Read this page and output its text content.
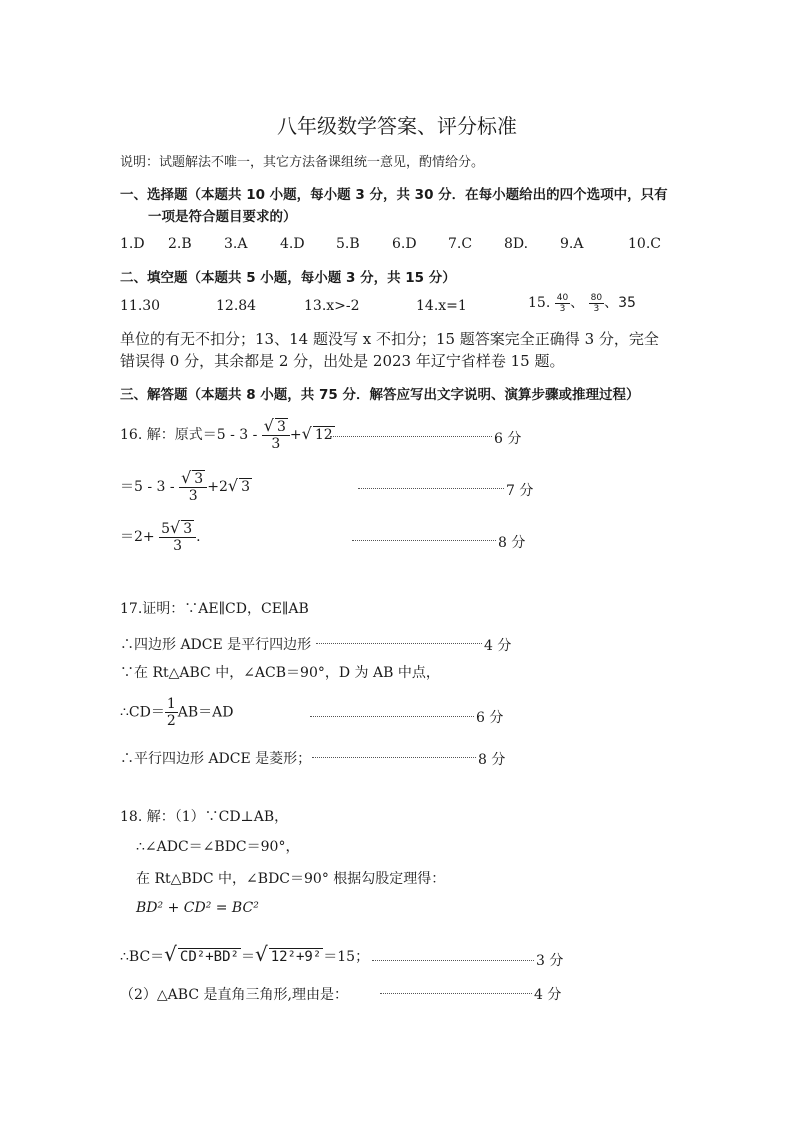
八年级数学答案、评分标准
说明：试题解法不唯一，其它方法备课组统一意见，酌情给分。
一、选择题（本题共 10 小题，每小题 3 分，共 30 分．在每小题给出的四个选项中，只有
一项是符合题目要求的）
1.D 2.B 3.A 4.D 5.B 6.D 7.C 8D. 9.A	10.C
二、填空题（本题共 5 小题，每小题 3 分，共 15 分）
11.30	12.84	13.x>-2	14.x=1	15. $\frac{40}{3}$ 、 $\frac{80}{3}$ 、35
单位的有无不扣分；13、14 题没写 x 不扣分；15 题答案完全正确得 3 分，完全
错误得 0 分，其余都是 2 分，出处是 2023 年辽宁省样卷 15 题。
三、解答题（本题共 8 小题，共 75 分．解答应写出文字说明、演算步骤或推理过程）
16. 解：原式$=5 - 3 - \frac{√ 3}{3}$ +√ 12	6 分
$=5 - 3 - \frac{√ 3}{3} +2√$ 3	7 分
$=2+ \frac{5√ 3}{3}$ .	8 分
17.证明：∵AE∥CD，CE∥AB
∴四边形 ADCE 是平行四边形	4 分
∵在 Rt△ABC 中，∠ACB＝90°，D 为 AB 中点，
∴CD＝ $\frac{1}{2} AB=AD$	6 分
∴平行四边形 ADCE 是菱形；	8 分
18. 解：（1）∵CD⊥AB，
∴∠ADC＝∠BDC＝90°，
在 Rt△BDC 中，∠BDC＝90° 根据勾股定理得：
BD² + CD² = BC²
∴BC＝√ CD²+BD² ＝√ 12²+9² ＝15；	3 分
（2）△ABC 是直角三角形,理由是：	4 分
